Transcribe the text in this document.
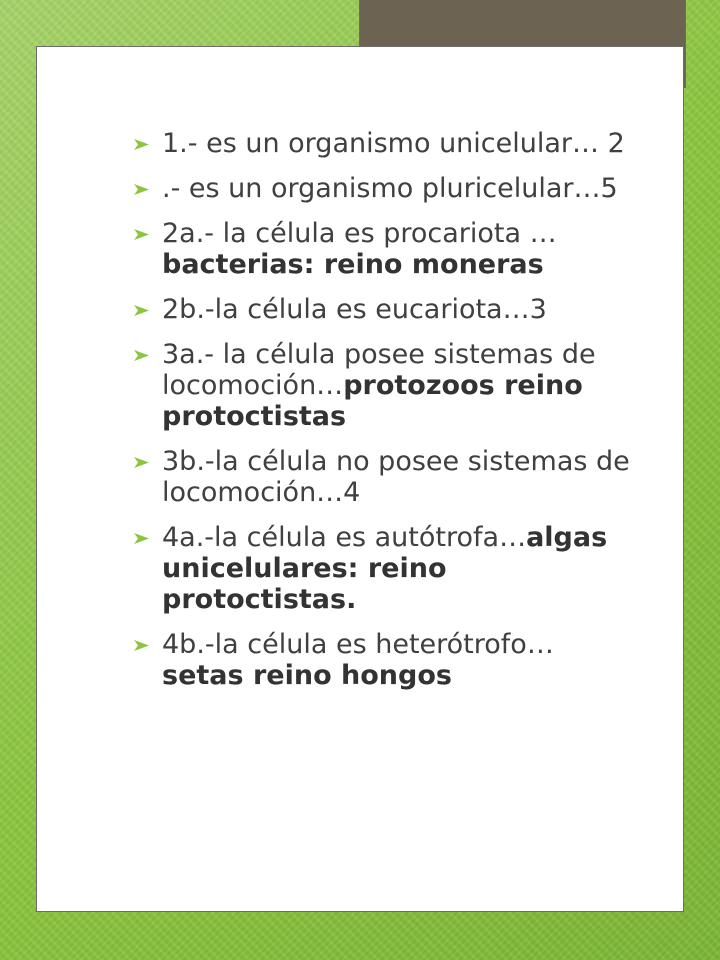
1.- es un organismo unicelular… 2
.- es un organismo pluricelular…5
2a.- la célula es procariota … bacterias: reino moneras
2b.-la célula es eucariota…3
3a.- la célula posee sistemas de locomoción…protozoos reino protoctistas
3b.-la célula no posee sistemas de locomoción…4
4a.-la célula es autótrofa…algas unicelulares: reino protoctistas.
4b.-la célula es heterótrofo…setas reino hongos
